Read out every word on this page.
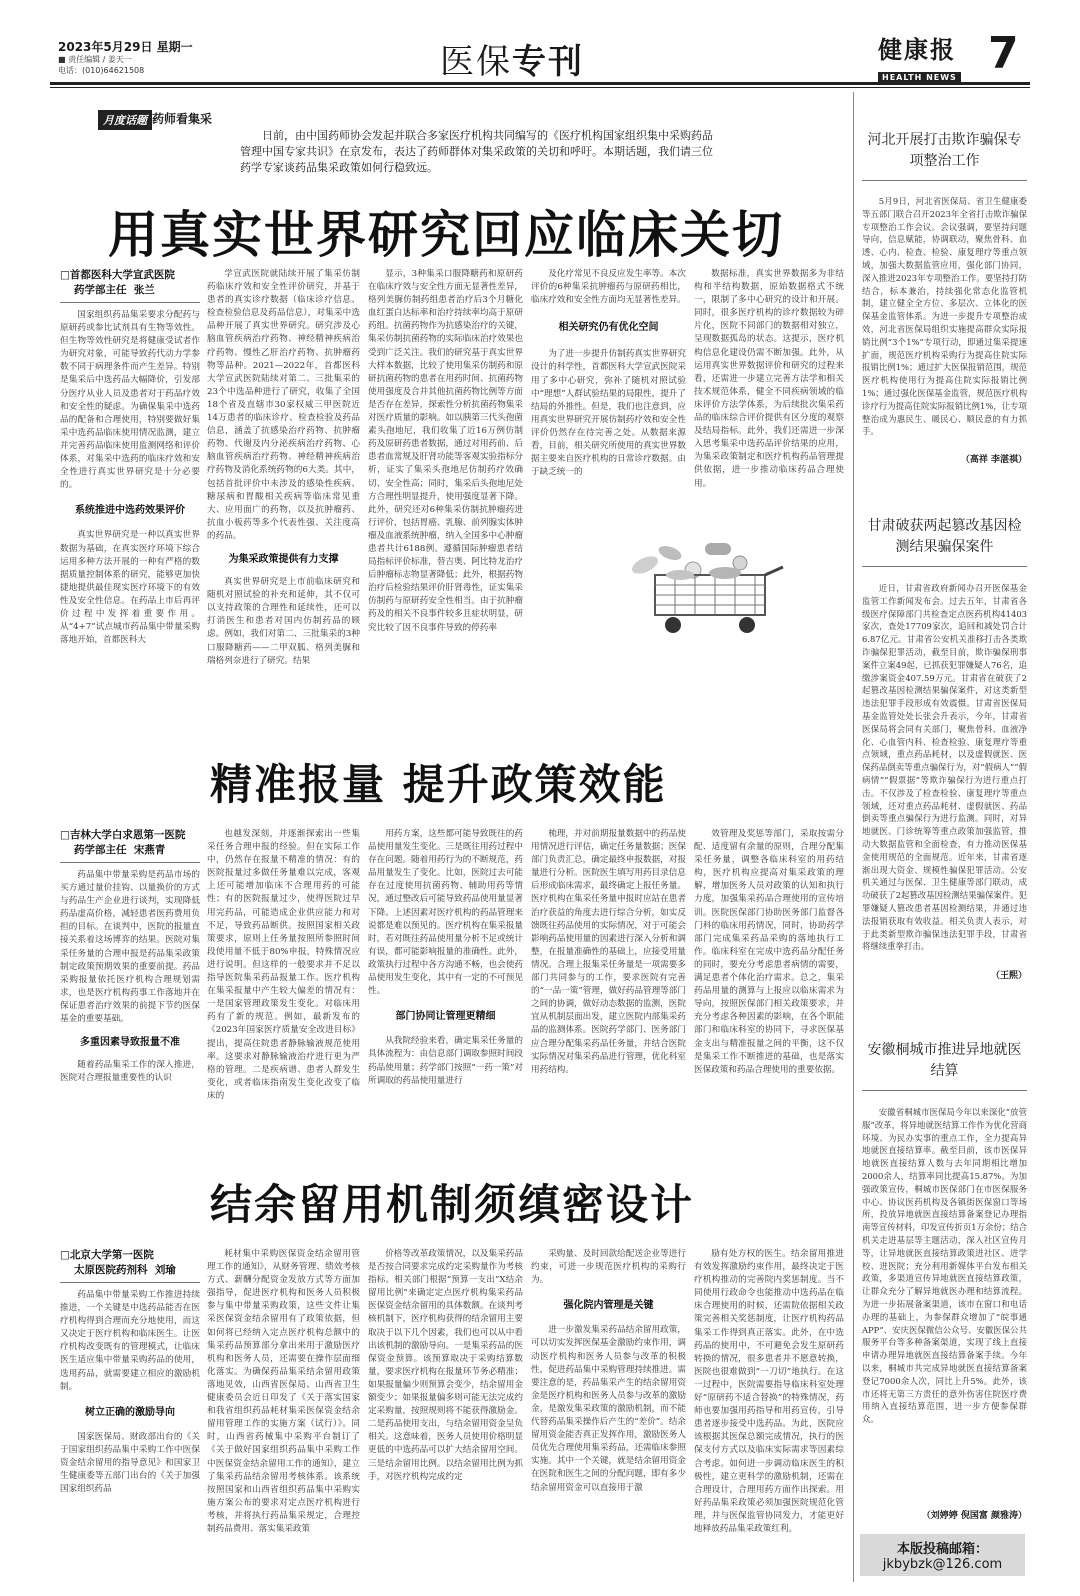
2023年5月29日 星期一
■ 责任编辑 / 姜天一
电话：(010)64621508	医保专刊	健康报
HEALTH NEWS 7
月度话题 药师看集采
日前，由中国药师协会发起并联合多家医疗机构共同编写的《医疗机构国家组织集中采购药品管理中国专家共识》在京发布，表达了药师群体对集采政策的关切和呼吁。本期话题，我们请三位药学专家谈药品集采政策如何行稳致远。
用真实世界研究回应临床关切
□首都医科大学宣武医院
药学部主任 张兰

国家组织药品集采要求分配药与原研药或参比试剂具有生物等效性。但生物等效性研究是将健康受试者作为研究对象，可能导致药代动力学参数不同于病理条件而产生差异。特别是集采后中选药品大幅降价，引发部分医疗从业人员及患者对于药品疗效和安全性的疑虑。为确保集采中选药品的配备和合理使用，特别要做好集采中选药品临床使用情况监测，建立并完善药品临床使用监测网络和评价体系，对集采中选药的临床疗效和安全性进行真实世界研究是十分必要的。

系统推进中选药效果评价

真实世界研究是一种以真实世界数据为基础，在真实医疗环境下综合运用多种方法开展的一种有严格的数据质量控制体系的研究，能够更加快捷地提供最佳现实医疗环境下的有效性及安全性信息。在药品上市后再评价过程中发挥着重要作用。从“4+7”试点城市药品集中带量采购落地开始，首都医科大

学宣武医院就陆续开展了集采仿制药临床疗效和安全性评价研究，并基于患者的真实诊疗数据（临床诊疗信息、检查检验信息及药品信息），对集采中选品种开展了真实世界研究。研究涉及心脑血管疾病治疗药物、神经精神疾病治疗药物、慢性乙肝治疗药物、抗肿瘤药物等品种。2021—2022年，首都医科大学宣武医院陆续对第二、三批集采的23个中选品种进行了研究，收集了全国18个省及直辖市30家权威三甲医院近14万患者的临床诊疗、检查检验及药品信息，涵盖了抗感染治疗药物、抗肿瘤药物、代谢及内分泌疾病治疗药物、心脑血管疾病治疗药物、神经精神疾病治疗药物及消化系统药物的6大类。其中，包括首批评价中未涉及的感染性疾病、糖尿病和胃酸相关疾病等临床常见重大、应用面广的药物，以及抗肿瘤药、抗血小板药等多个代表性强、关注度高的药品。

为集采政策提供有力支撑

真实世界研究是上市前临床研究和随机对照试验的补充和延伸，其不仅可以支持政策的合理性和延续性，还可以打消医生和患者对国内仿制药品的顾虑。例如，我们对第二、三批集采的3种口服降糖药——二甲双胍、格列美脲和瑞格列奈进行了研究。结果

显示，3种集采口服降糖药和原研药在临床疗效与安全性方面无显著性差异，格列美脲仿制药组患者治疗后3个月糖化血红蛋白达标率和治疗持续率均高于原研药组。抗菌药物作为抗感染治疗的关键，集采仿制抗菌药物的实际临床治疗效果也受到广泛关注。我们的研究基于真实世界大样本数据，比较了使用集采仿制药和原研抗菌药物的患者在用药时间、抗菌药物使用强度及合并其他抗菌药物比例等方面是否存在差异，探索性分析抗菌药物集采对医疗质量的影响。如以胰第三代头孢菌素头孢地尼，我们收集了近16万例仿制药及原研药患者数据，通过对用药前、后患者血常规及肝肾功能等客观实验指标分析，证实了集采头孢地尼仿制药疗效确切、安全性高；同时，集采后头孢地尼处方合理性明显提升，使用强度显著下降。此外，研究还对6种集采仿制抗肿瘤药进行评价，包括胃癌、乳腺、前列腺实体肿瘤及血液系统肿瘤，纳入全国多中心肿瘤患者共计6188例。遵循国际肿瘤患者结局指标评价标准，替吉奥、阿比特龙治疗后肿瘤标志物显著降低；此外，根据药物治疗后检验结果评价肝肾毒性，证实集采仿制药与原研药安全性相当。由于抗肿瘤药及的相关不良事件较多且症状明显，研究比较了因不良事件导致的停药率

及化疗常见不良反应发生率等。本次评价的6种集采抗肿瘤药与原研药相比，临床疗效和安全性方面均无显著性差异。

相关研究仍有优化空间

为了进一步提升仿制药真实世界研究设计的科学性，首都医科大学宣武医院采用了多中心研究，弥补了随机对照试验中“理想”人群试验结果的局限性，提升了结局的外推性。但是，我们也注意到，应用真实世界研究开展仿制药疗效和安全性评价仍然存在待完善之处。从数据来源看，目前，相关研究所使用的真实世界数据主要来自医疗机构的日常诊疗数据。由于缺乏统一的

数据标准，真实世界数据多为非结构和半结构数据，原始数据格式不统一，限制了多中心研究的设计和开展。同时，很多医疗机构的诊疗数据较为碎片化，医院不同部门的数据相对独立，呈现数据孤岛的状态。这提示，医疗机构信息化建设仍需不断加强。此外，从运用真实世界数据评价和研究的过程来看，还需进一步建立完善方法学和相关技术规范体系，健全不同疾病领域的临床评价方法学体系，为后续批次集采药品的临床综合评价提供有区分度的观察及结局指标。此外，我们还需进一步深入思考集采中选药品评价结果的应用，为集采政策制定和医疗机构药品管理提供依据，进一步推动临床药品合理使用。

精准报量 提升政策效能
□吉林大学白求恩第一医院
药学部主任 宋燕青

药品集中带量采购是药品市场的买方通过量价挂钩、以量换价的方式与药品生产企业进行谈判，实现降低药品虚高价格，减轻患者医药费用负担的目标。在谈判中，医院的报量直接关系着这场博弈的结果。医院对集采任务量的合理申报是药品集采政策制定政策预期效果的重要前提。药品采购报量依托医疗机构合理规划需求，也是医疗机构药事工作落地并在保证患者治疗效果的前提下节约医保基金的重要基础。

多重因素导致报量不准

随着药品集采工作的深入推进，医院对合理报量重要性的认识

也越发深刻，并逐渐探索出一些集采任务合理申报的经验。但在实际工作中，仍然存在报量不精准的情况：有的医院报量过多做任务量难以完成，客观上还可能增加临床不合理用药的可能性；有的医院报量过少，使得医院过早用完药品，可能造成企业供应能力和对不足，导致药品断供。按照国家相关政策要求，原则上任务量按照所参照时间段使用量不低于80%申报，特殊情况应进行说明。但这样的一般要求并不足以指导医院集采药品报量工作。医疗机构在集采报量中产生较大偏差的情况有：一是国家管理政策发生变化。对临床用药有了新的规范。例如，最新发布的《2023年国家医疗质量安全改进目标》提出，提高住院患者静脉输液规范使用率。这要求对静脉输液治疗进行更为严格的管理。二是疾病谱、患者人群发生变化，或者临床指南发生变化改变了临床的

用药方案，这些都可能导致既往的药品使用量发生变化。三是既往用药过程中存在问题。随着用药行为的不断规范，药品用量发生了变化。比如，医院过去可能存在过度使用抗菌药物、辅助用药等情况，通过整改后可能导致药品使用量显著下降。上述因素对医疗机构的药品管理来说都是难以预见的。医疗机构在集采报量时，若对既往药品使用量分析不足或统计有误，都可能影响报量的准确性。此外，政策执行过程中各方沟通不畅，也会使药品使用发生变化，其中有一定的不可预见性。

部门协同让管理更精细

从我院经验来看，确定集采任务量的具体流程为：由信息部门调取参照时间段药品使用量；药学部门按照“一药一策”对所调取的药品使用量进行

梳理，并对前期报量数据中的药品使用情况进行评估，确定任务量数据；医保部门负责汇总，确定最终申报数据，对报量进行分析。医院医生填写用药目录信息后形成临床需求，最终确定上报任务量。医疗机构在集采任务量申报时应站在患者治疗获益的角度去进行综合分析，如实反馈既往药品使用的实际情况，对于可能会影响药品使用量的因素进行深入分析和调整，在报量准确性的基础上，应接受用量情况。合理上报集采任务量是一项需要多部门共同参与的工作，要求医院有完善的“一品一策”管理，做好药品管理等部门之间的协调，做好动态数据的监测，医院宜从机制层面出发，建立医院内部集采药品的监测体系。医院药学部门、医务部门应合理分配集采药品任务量，并结合医院实际情况对集采药品进行管理，优化科室用药结构。

效管理及奖惩等部门，采取按需分配、适度留有余量的原则，合理分配集采任务量，调整各临床科室的用药结构，医疗机构应提高对集采政策的理解，增加医务人员对政策的认知和执行力度，加强集采药品合理使用的宣传培训。医院医保部门协助医务部门监督各门科的临床用药情况，同时，协助药学部门完成集采药品采购的落地执行工作。临床科室在完成中选药品分配任务的同时，要充分考虑患者病情的需要，满足患者个体化治疗需求。总之，集采药品用量的测算与上报应以临床需求为导向，按照医保部门相关政策要求，并充分考虑各种因素的影响，在各个职能部门和临床科室的协同下，寻求医保基金支出与精准报量之间的平衡，这不仅是集采工作不断推进的基础，也是落实医保政策和药品合理使用的重要依据。

结余留用机制须缜密设计
□北京大学第一医院
太原医院药剂科 刘瑜

药品集中带量采购工作推进持续推进，一个关键是中选药品能否在医疗机构得到合理而充分地使用，而这又决定于医疗机构和临床医生。让医疗机构改变既有的管理模式，让临床医生适应集中带量采购药品的使用，选用药品，就需要建立相应的激励机制。

树立正确的激励导向

国家医保局、财政部出台的《关于国家组织药品集中采购工作中医保资金结余留用的指导意见》和国家卫生健康委等五部门出台的《关于加强国家组织药品

耗材集中采购医保资金结余留用管理工作的通知》，从财务管理、绩效考核方式、薪酬分配资金发放方式等方面加强指导，促进医疗机构和医务人员积极参与集中带量采购政策，这些文件让集采医保资金结余留用有了政策依据，但如何将已经纳入定点医疗机构总额中的集采药品预算部分拿出来用于激励医疗机构和医务人员，还需要在操作层面细化落实。为确保药品集采结余留用政策落地见效，山西省医保局、山西省卫生健康委员会近日印发了《关于落实国家和我省组织药品耗材集采医保资金结余留用管理工作的实施方案（试行）》。同时，山西省药械集中采购平台制订了《关于做好国家组织药品集中采购工作中医保资金结余留用工作的通知》，建立了集采药品结余留用考核体系。该系统按照国家和山西省组织药品集中采购实施方案公布的要求对定点医疗机构进行考核，并将执行药品集采规定，合理控制药品费用、落实集采政策

价格等改革政策情况，以及集采药品是否按合同要求完成约定采购量作为考核指标。相关部门根据“预算一支出”X结余留用比例”来确定定点医疗机构集采药品医保资金结余留用的具体数额。在谈判考核机制下，医疗机构获得的结余留用主要取决于以下几个因素，我们也可以从中看出该机制的激励导向。一是集采药品的医保资金预算。该预算取决于采购结算数量，要求医疗机构在报量环节务必精准；如果报量偏少则预算会变少，结余留用金额变少；如果报量偏多则可能无法完成约定采购量，按照规则将不能获得激励金。二是药品使用支出，与结余留用资金呈负相关。这意味着，医务人员使用价格明显更低的中选药品可以扩大结余留用空间。三是结余留用比例。以结余留用比例为抓手，对医疗机构完成约定

采购量、及时回款给配送企业等进行约束，可进一步规范医疗机构的采购行为。

强化院内管理是关键

进一步激发集采药品结余留用政策，可以切实发挥医保基金激励约束作用，调动医疗机构和医务人员参与改革的积极性，促进药品集中采购管理持续推进。需要注意的是，药品集采产生的结余留用资金是医疗机构和医务人员参与改革的激励金，是激发集采政策的激励机制，而不能代替药品集采操作后产生的“差价”。结余留用资金能否真正发挥作用，激励医务人员优先合理使用集采药品，还需临床参照实施。其中一个关键，就是结余留用资金在医院和医生之间的分配问题，即有多少结余留用资金可以直接用于激

励有处方权的医生。结余留用推进有效发挥激励约束作用，最终决定于医疗机构推动的完善院内奖惩制度。当不同使用行政命令也能推动中选药品在临床合理使用的时候，还需院依据相关政策完善相关奖惩制度，让医疗机构药品集采工作得到真正落实。此外，在中选药品的使用中，不可避免会发生原研药转换的情况，很多患者并不愿意转换，医院也很难做到“一刀切”地执行。在这一过程中，医院需要指导临床科室处理好“原研药不适合替换”的特殊情况，药师也要加强用药指导和用药宣传，引导患者逐步接受中选药品。为此，医院应该根据其医保总额完成情况，执行的医保支付方式以及临床实际需求等因素综合考虑。如何进一步调动临床医生的积极性，建立更科学的激励机制，还需在合理设计，合理用药方面作出探索。用好药品集采政策必须加强医院规范化管理，并与医保监管协同发力，才能更好地释放药品集采政策红利。

河北开展打击欺诈骗保专项整治工作

5月9日，河北省医保局、省卫生健康委等五部门联合召开2023年全省打击欺诈骗保专项整治工作会议。会议强调，要坚持问题导向，信息赋能，协调联动，聚焦骨科、血透、心内、检查、检验、康复理疗等重点领域，加强大数据监管应用，强化部门协同，深入推进2023年专项整治工作。要坚持打防结合，标本兼治，持续强化常态化监管机制，建立健全全方位、多层次、立体化的医保基金监管体系。为进一步提升专项整治成效，河北省医保局组织实施提高群众实际报销比例“3个1%”专项行动，即通过集采提速扩面，规范医疗机构采购行为提高住院实际报销比例1%；通过扩大医保报销范围，规范医疗机构使用行为提高住院实际报销比例1%；通过强化医保基金监管，规范医疗机构诊疗行为提高住院实际报销比例1%，让专项整治成为惠民生、暖民心、顺民意的有力抓手。

（高祥 李湛祺）
甘肃破获两起篡改基因检测结果骗保案件

近日，甘肃省政府新闻办召开医保基金监管工作新闻发布会。过去五年，甘肃省各级医疗保障部门共检查定点医药机构41403家次，查处17709家次，追回和减处罚合计6.87亿元。甘肃省公安机关准移打击各类欺诈骗保犯罪活动，截至目前，欺诈骗保刑事案件立案49起，已抓获犯罪嫌疑人76名，追缴涉案资金407.59万元。甘肃省在破获了2起篡改基因检测结果骗保案件，对这类新型违法犯罪手段形成有效震慑。甘肃省医保局基金监管处处长张会升表示，今年，甘肃省医保局将会同有关部门，聚焦骨科、血液净化、心血管内科、检查检验、康复理疗等重点领域，重点药品耗材，以及虚假就医、医保药品倒卖等重点骗保行为，对“假病人”“假病情”“假票据”等欺诈骗保行为进行重点打击。不仅涉及了检查检验、康复理疗等重点领域，还对重点药品耗材、虚假就医、药品倒卖等重点骗保行为进行监测。同时，对异地就医、门诊统筹等重点政策加强监管，推动大数据监管和全面检查，有力推动医保基金使用规范的全面规范。近年来，甘肃省逐渐出现大资金、规模性骗保犯罪活动。公安机关通过与医保、卫生健康等部门联动，成功破获了2起篡改基因检测结果骗保案件。犯罪嫌疑人篡改患者基因检测结果，并通过违法报销获取有效收益。相关负责人表示，对于此类新型欺诈骗保违法犯罪手段，甘肃省将继续重拳打击。

（王熙）
安徽桐城市推进异地就医结算

安徽省桐城市医保局今年以来深化“放管服”改革，将异地就医结算工作作为优化营商环境、为民办实事的重点工作，全力提高异地就医直接结算率。截至目前，该市医保异地就医直接结算人数与去年同期相比增加2000余人，结算率同比提高15.87%。为加强政策宣传，桐城市医保部门在市医保服务中心、协议医药机构及各镇街医保窗口等场所，投放异地就医直接结算备案登记办理指南等宣传材料，印发宣传折页1万余份；结合机关走进基层等主题活动，深入社区宣传月等，让异地就医直接结算政策进社区、进学校、进医院；充分利用新媒体平台发布相关政策，多渠道宣传异地就医直接结算政策，让群众充分了解异地就医办理和结算流程。为进一步拓展备案渠道，该市在窗口和电话办理的基础上，为参保群众增加了“皖事通APP”、安庆医保微信公众号、安徽医保公共服务平台等多种备案渠道，实现了线上直接申请办理异地就医直接结算备案手续。今年以来，桐城市共完成异地就医直接结算备案登记7000余人次，同比上升5%。此外，该市还将无第三方责任的意外伤害住院医疗费用纳入直接结算范围，进一步方便参保群众。

（刘婷婷 倪国富 颜雅涛）
本版投稿邮箱：
jkbybzk@126.com
